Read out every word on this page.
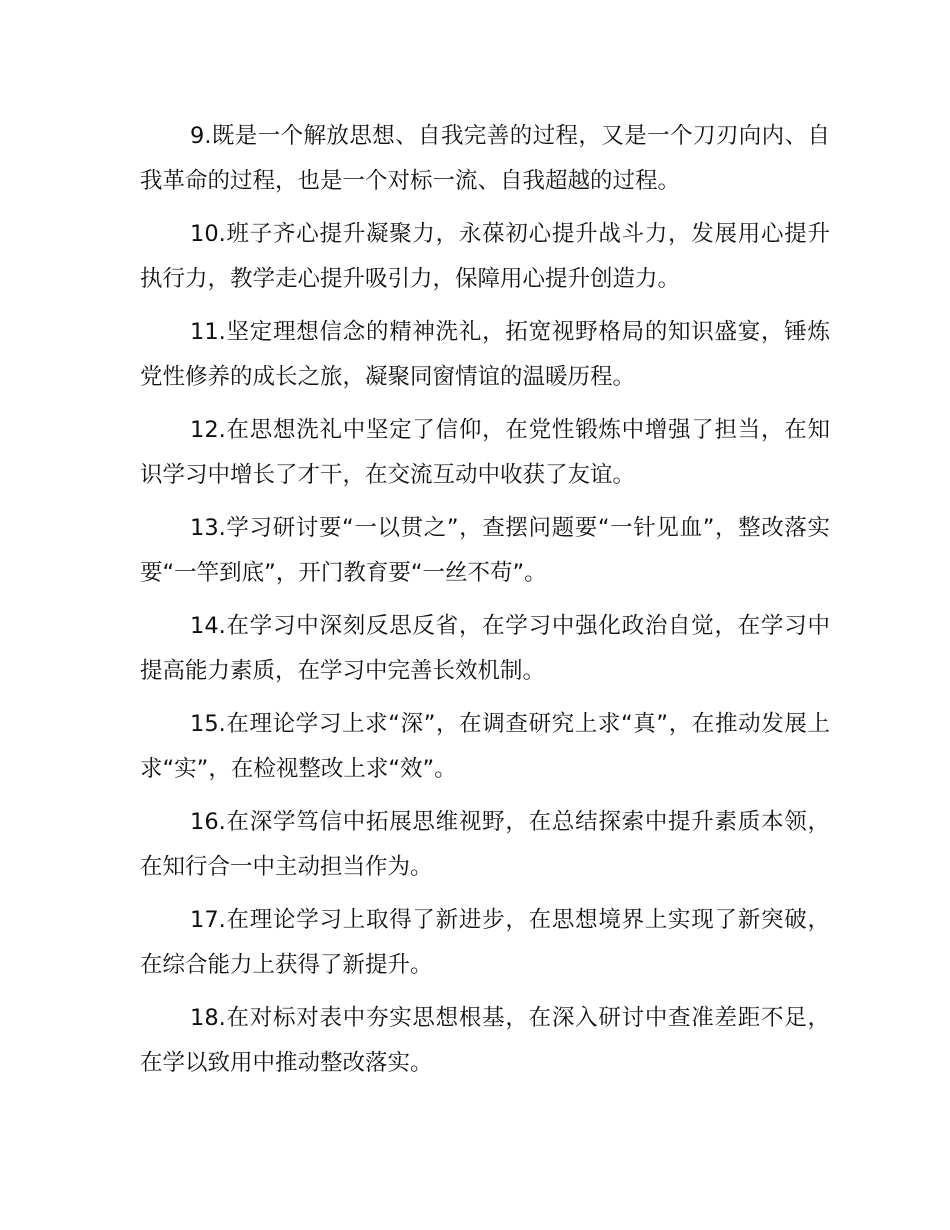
9.既是一个解放思想、自我完善的过程，又是一个刀刃向内、自我革命的过程，也是一个对标一流、自我超越的过程。

10.班子齐心提升凝聚力，永葆初心提升战斗力，发展用心提升执行力，教学走心提升吸引力，保障用心提升创造力。

11.坚定理想信念的精神洗礼，拓宽视野格局的知识盛宴，锤炼党性修养的成长之旅，凝聚同窗情谊的温暖历程。

12.在思想洗礼中坚定了信仰，在党性锻炼中增强了担当，在知识学习中增长了才干，在交流互动中收获了友谊。

13.学习研讨要“一以贯之”，查摆问题要“一针见血”，整改落实要“一竿到底”，开门教育要“一丝不苟”。

14.在学习中深刻反思反省，在学习中强化政治自觉，在学习中提高能力素质，在学习中完善长效机制。

15.在理论学习上求“深”，在调查研究上求“真”，在推动发展上求“实”，在检视整改上求“效”。

16.在深学笃信中拓展思维视野，在总结探索中提升素质本领，在知行合一中主动担当作为。

17.在理论学习上取得了新进步，在思想境界上实现了新突破，在综合能力上获得了新提升。

18.在对标对表中夯实思想根基，在深入研讨中查准差距不足，在学以致用中推动整改落实。
